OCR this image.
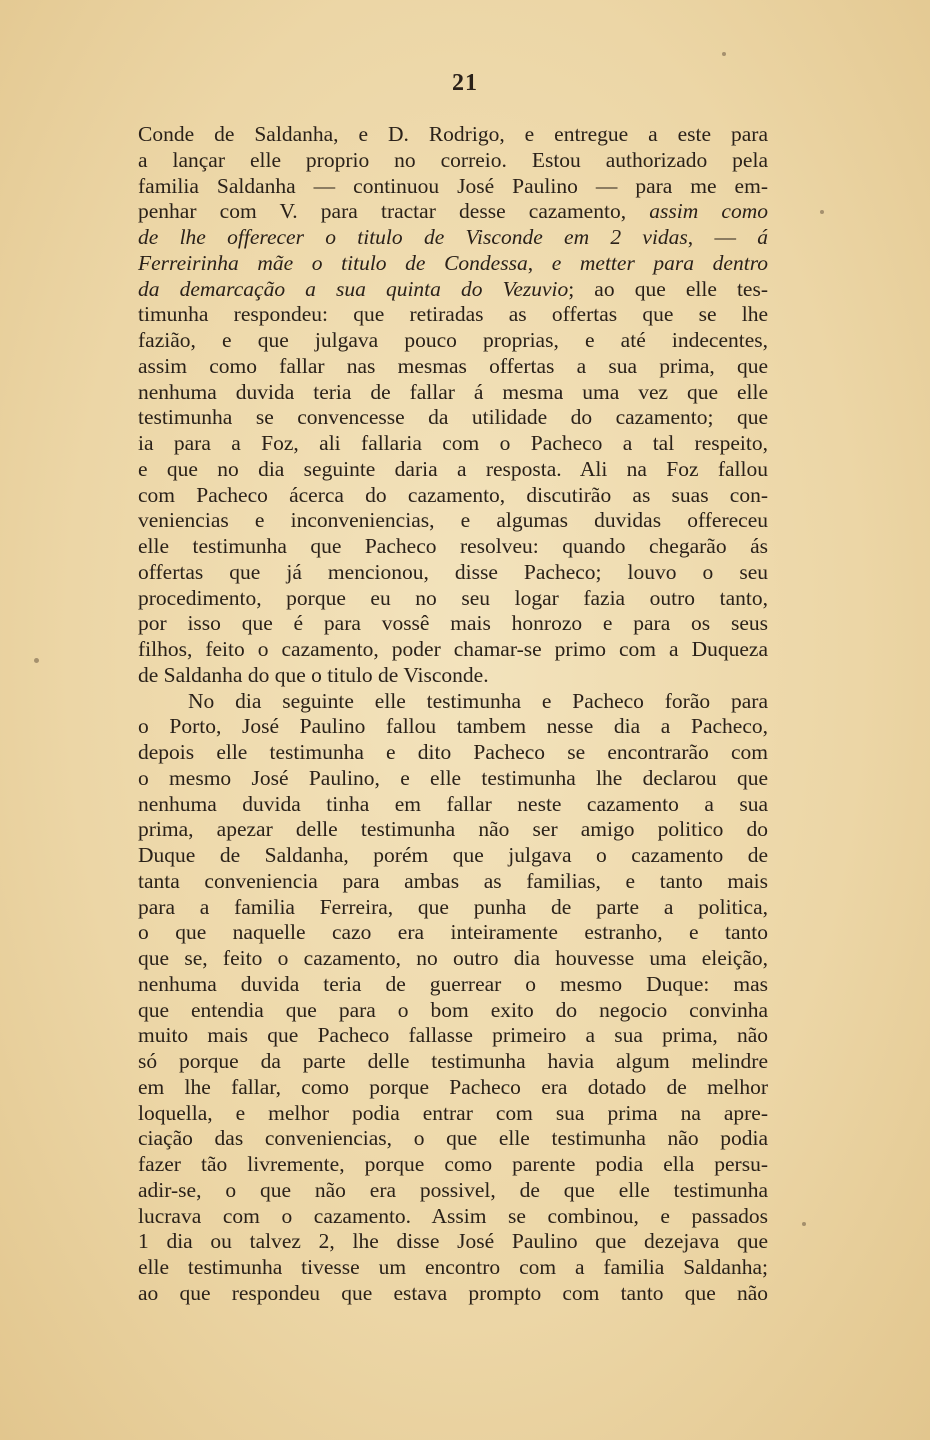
21
Conde de Saldanha, e D. Rodrigo, e entregue a este para
a lançar elle proprio no correio. Estou authorizado pela
familia Saldanha — continuou José Paulino — para me em-
penhar com V. para tractar desse cazamento, assim como
de lhe offerecer o titulo de Visconde em 2 vidas, — á
Ferreirinha mãe o titulo de Condessa, e metter para dentro
da demarcação a sua quinta do Vezuvio; ao que elle tes-
timunha respondeu: que retiradas as offertas que se lhe
fazião, e que julgava pouco proprias, e até indecentes,
assim como fallar nas mesmas offertas a sua prima, que
nenhuma duvida teria de fallar á mesma uma vez que elle
testimunha se convencesse da utilidade do cazamento; que
ia para a Foz, ali fallaria com o Pacheco a tal respeito,
e que no dia seguinte daria a resposta. Ali na Foz fallou
com Pacheco ácerca do cazamento, discutirão as suas con-
veniencias e inconveniencias, e algumas duvidas offereceu
elle testimunha que Pacheco resolveu: quando chegarão ás
offertas que já mencionou, disse Pacheco; louvo o seu
procedimento, porque eu no seu logar fazia outro tanto,
por isso que é para vossê mais honrozo e para os seus
filhos, feito o cazamento, poder chamar-se primo com a Duqueza
de Saldanha do que o titulo de Visconde.
No dia seguinte elle testimunha e Pacheco forão para
o Porto, José Paulino fallou tambem nesse dia a Pacheco,
depois elle testimunha e dito Pacheco se encontrarão com
o mesmo José Paulino, e elle testimunha lhe declarou que
nenhuma duvida tinha em fallar neste cazamento a sua
prima, apezar delle testimunha não ser amigo politico do
Duque de Saldanha, porém que julgava o cazamento de
tanta conveniencia para ambas as familias, e tanto mais
para a familia Ferreira, que punha de parte a politica,
o que naquelle cazo era inteiramente estranho, e tanto
que se, feito o cazamento, no outro dia houvesse uma eleição,
nenhuma duvida teria de guerrear o mesmo Duque: mas
que entendia que para o bom exito do negocio convinha
muito mais que Pacheco fallasse primeiro a sua prima, não
só porque da parte delle testimunha havia algum melindre
em lhe fallar, como porque Pacheco era dotado de melhor
loquella, e melhor podia entrar com sua prima na apre-
ciação das conveniencias, o que elle testimunha não podia
fazer tão livremente, porque como parente podia ella persu-
adir-se, o que não era possivel, de que elle testimunha
lucrava com o cazamento. Assim se combinou, e passados
1 dia ou talvez 2, lhe disse José Paulino que dezejava que
elle testimunha tivesse um encontro com a familia Saldanha;
ao que respondeu que estava prompto com tanto que não
